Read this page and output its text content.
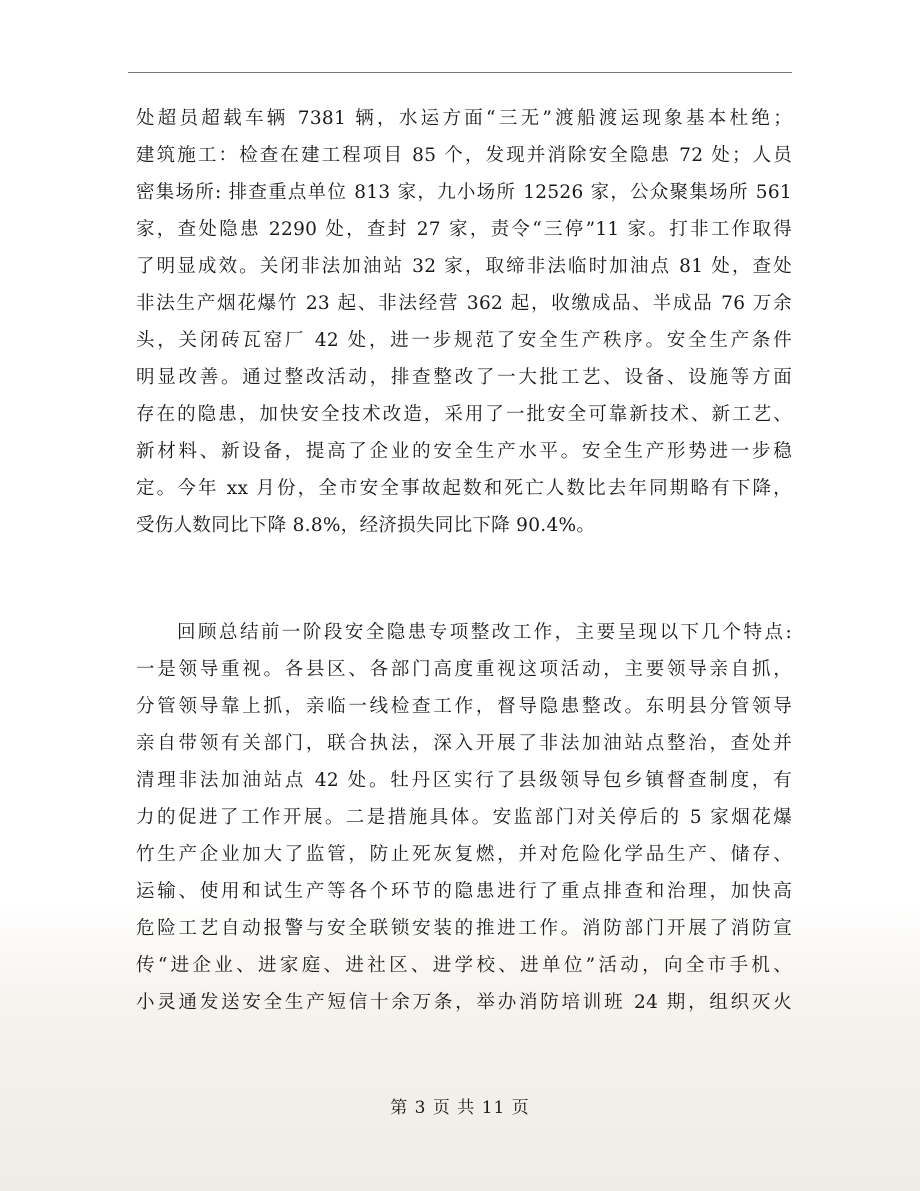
处超员超载车辆 7381 辆，水运方面“三无”渡船渡运现象基本杜绝；
建筑施工：检查在建工程项目 85 个，发现并消除安全隐患 72 处；人员
密集场所: 排查重点单位 813 家，九小场所 12526 家，公众聚集场所 561
家，查处隐患 2290 处，查封 27 家，责令“三停”11 家。打非工作取得
了明显成效。关闭非法加油站 32 家，取缔非法临时加油点 81 处，查处
非法生产烟花爆竹 23 起、非法经营 362 起，收缴成品、半成品 76 万余
头，关闭砖瓦窑厂 42 处，进一步规范了安全生产秩序。安全生产条件
明显改善。通过整改活动，排查整改了一大批工艺、设备、设施等方面
存在的隐患，加快安全技术改造，采用了一批安全可靠新技术、新工艺、
新材料、新设备，提高了企业的安全生产水平。安全生产形势进一步稳
定。今年 xx 月份，全市安全事故起数和死亡人数比去年同期略有下降，
受伤人数同比下降 8.8%，经济损失同比下降 90.4%。
回顾总结前一阶段安全隐患专项整改工作，主要呈现以下几个特点:
一是领导重视。各县区、各部门高度重视这项活动，主要领导亲自抓，
分管领导靠上抓，亲临一线检查工作，督导隐患整改。东明县分管领导
亲自带领有关部门，联合执法，深入开展了非法加油站点整治，查处并
清理非法加油站点 42 处。牡丹区实行了县级领导包乡镇督查制度，有
力的促进了工作开展。二是措施具体。安监部门对关停后的 5 家烟花爆
竹生产企业加大了监管，防止死灰复燃，并对危险化学品生产、储存、
运输、使用和试生产等各个环节的隐患进行了重点排查和治理，加快高
危险工艺自动报警与安全联锁安装的推进工作。消防部门开展了消防宣
传“进企业、进家庭、进社区、进学校、进单位”活动，向全市手机、
小灵通发送安全生产短信十余万条，举办消防培训班 24 期，组织灭火
第 3 页 共 11 页
